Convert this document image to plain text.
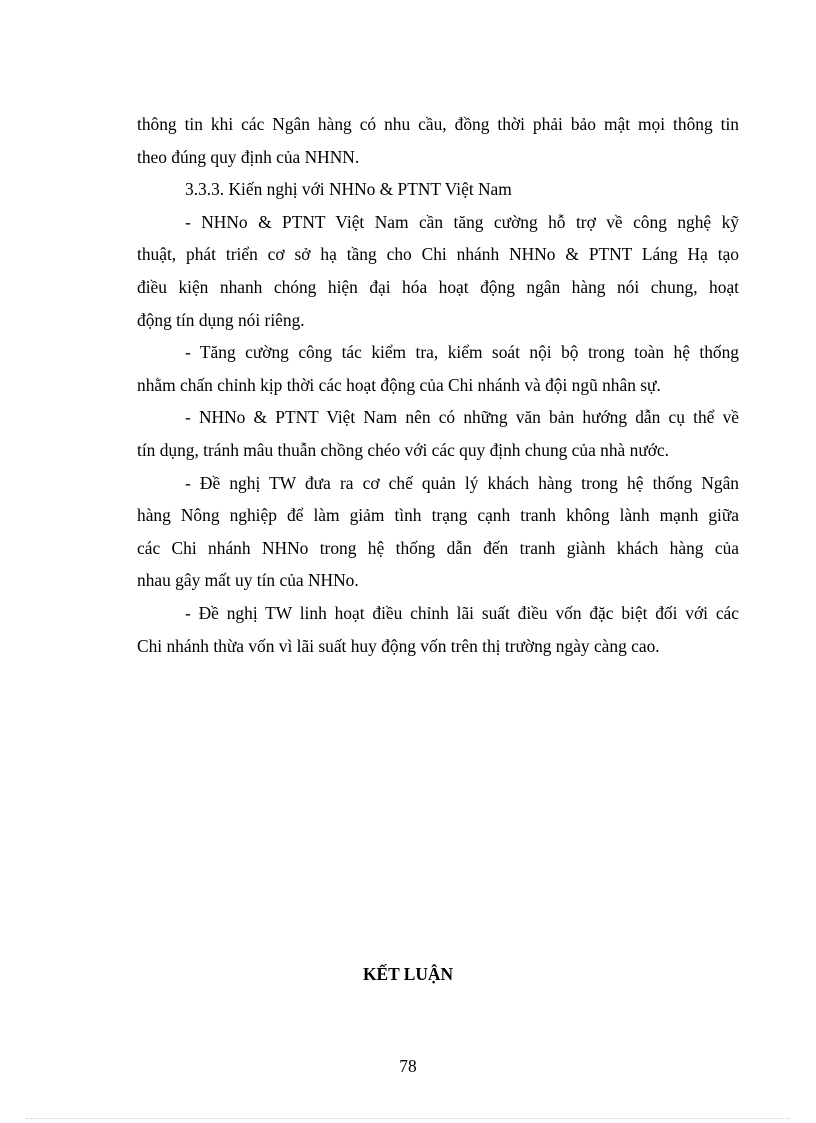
thông tin khi các Ngân hàng có nhu cầu, đồng thời phải bảo mật mọi thông tin
theo đúng quy định của NHNN.
3.3.3. Kiến nghị với NHNo & PTNT Việt Nam
- NHNo & PTNT Việt Nam cần tăng cường hỗ trợ về công nghệ kỹ
thuật, phát triển cơ sở hạ tầng cho Chi nhánh NHNo & PTNT Láng Hạ tạo
điều kiện nhanh chóng hiện đại hóa hoạt động ngân hàng nói chung, hoạt
động tín dụng nói riêng.
- Tăng cường công tác kiểm tra, kiểm soát nội bộ trong toàn hệ thống
nhằm chấn chỉnh kịp thời các hoạt động của Chi nhánh và đội ngũ nhân sự.
- NHNo & PTNT Việt Nam nên có những văn bản hướng dẫn cụ thể về
tín dụng, tránh mâu thuẫn chồng chéo với các quy định chung của nhà nước.
- Đề nghị TW đưa ra cơ chế quản lý khách hàng trong hệ thống Ngân
hàng Nông nghiệp để làm giảm tình trạng cạnh tranh không lành mạnh giữa
các Chi nhánh NHNo trong hệ thống dẫn đến tranh giành khách hàng của
nhau gây mất uy tín của NHNo.
- Đề nghị TW linh hoạt điều chỉnh lãi suất điều vốn đặc biệt đối với các
Chi nhánh thừa vốn vì lãi suất huy động vốn trên thị trường ngày càng cao.
KẾT LUẬN
78
